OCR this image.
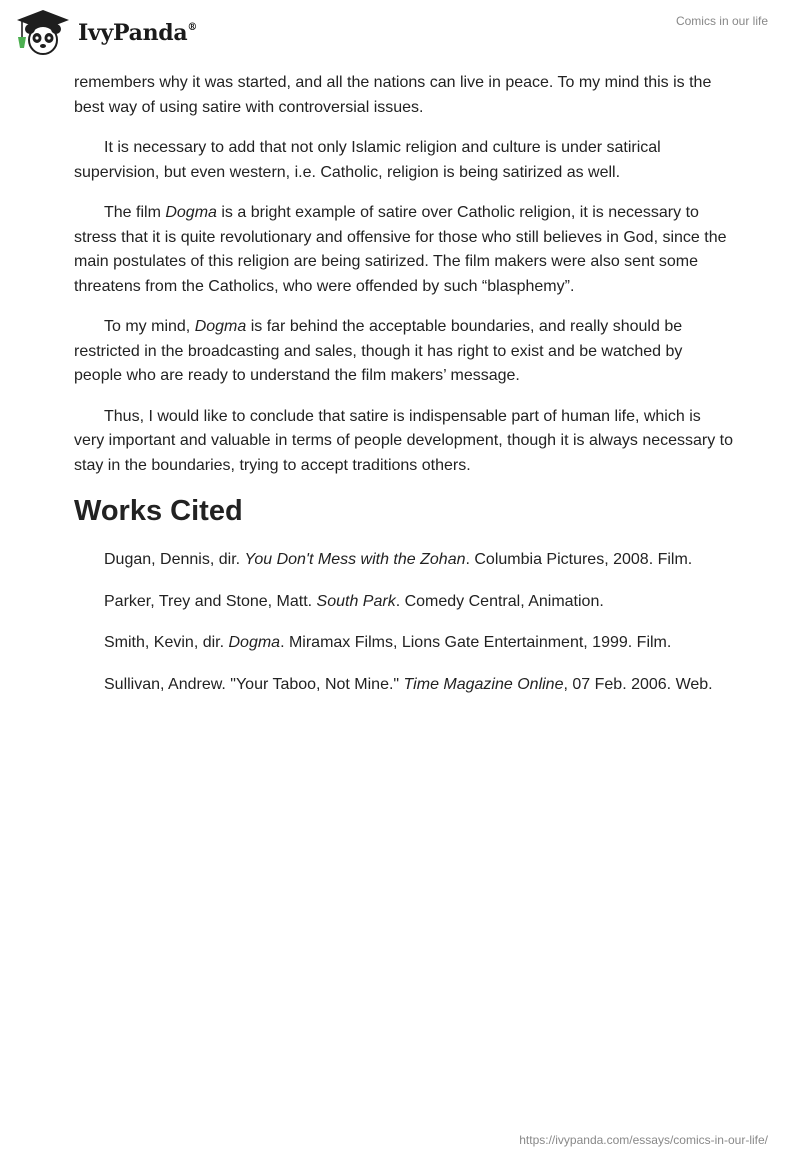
IvyPanda®	Comics in our life

remembers why it was started, and all the nations can live in peace. To my mind this is the best way of using satire with controversial issues.

It is necessary to add that not only Islamic religion and culture is under satirical supervision, but even western, i.e. Catholic, religion is being satirized as well.

The film Dogma is a bright example of satire over Catholic religion, it is necessary to stress that it is quite revolutionary and offensive for those who still believes in God, since the main postulates of this religion are being satirized. The film makers were also sent some threatens from the Catholics, who were offended by such “blasphemy”.

To my mind, Dogma is far behind the acceptable boundaries, and really should be restricted in the broadcasting and sales, though it has right to exist and be watched by people who are ready to understand the film makers’ message.

Thus, I would like to conclude that satire is indispensable part of human life, which is very important and valuable in terms of people development, though it is always necessary to stay in the boundaries, trying to accept traditions others.

Works Cited

Dugan, Dennis, dir. You Don't Mess with the Zohan. Columbia Pictures, 2008. Film.

Parker, Trey and Stone, Matt. South Park. Comedy Central, Animation.

Smith, Kevin, dir. Dogma. Miramax Films, Lions Gate Entertainment, 1999. Film.

Sullivan, Andrew. "Your Taboo, Not Mine." Time Magazine Online, 07 Feb. 2006. Web.

https://ivypanda.com/essays/comics-in-our-life/
